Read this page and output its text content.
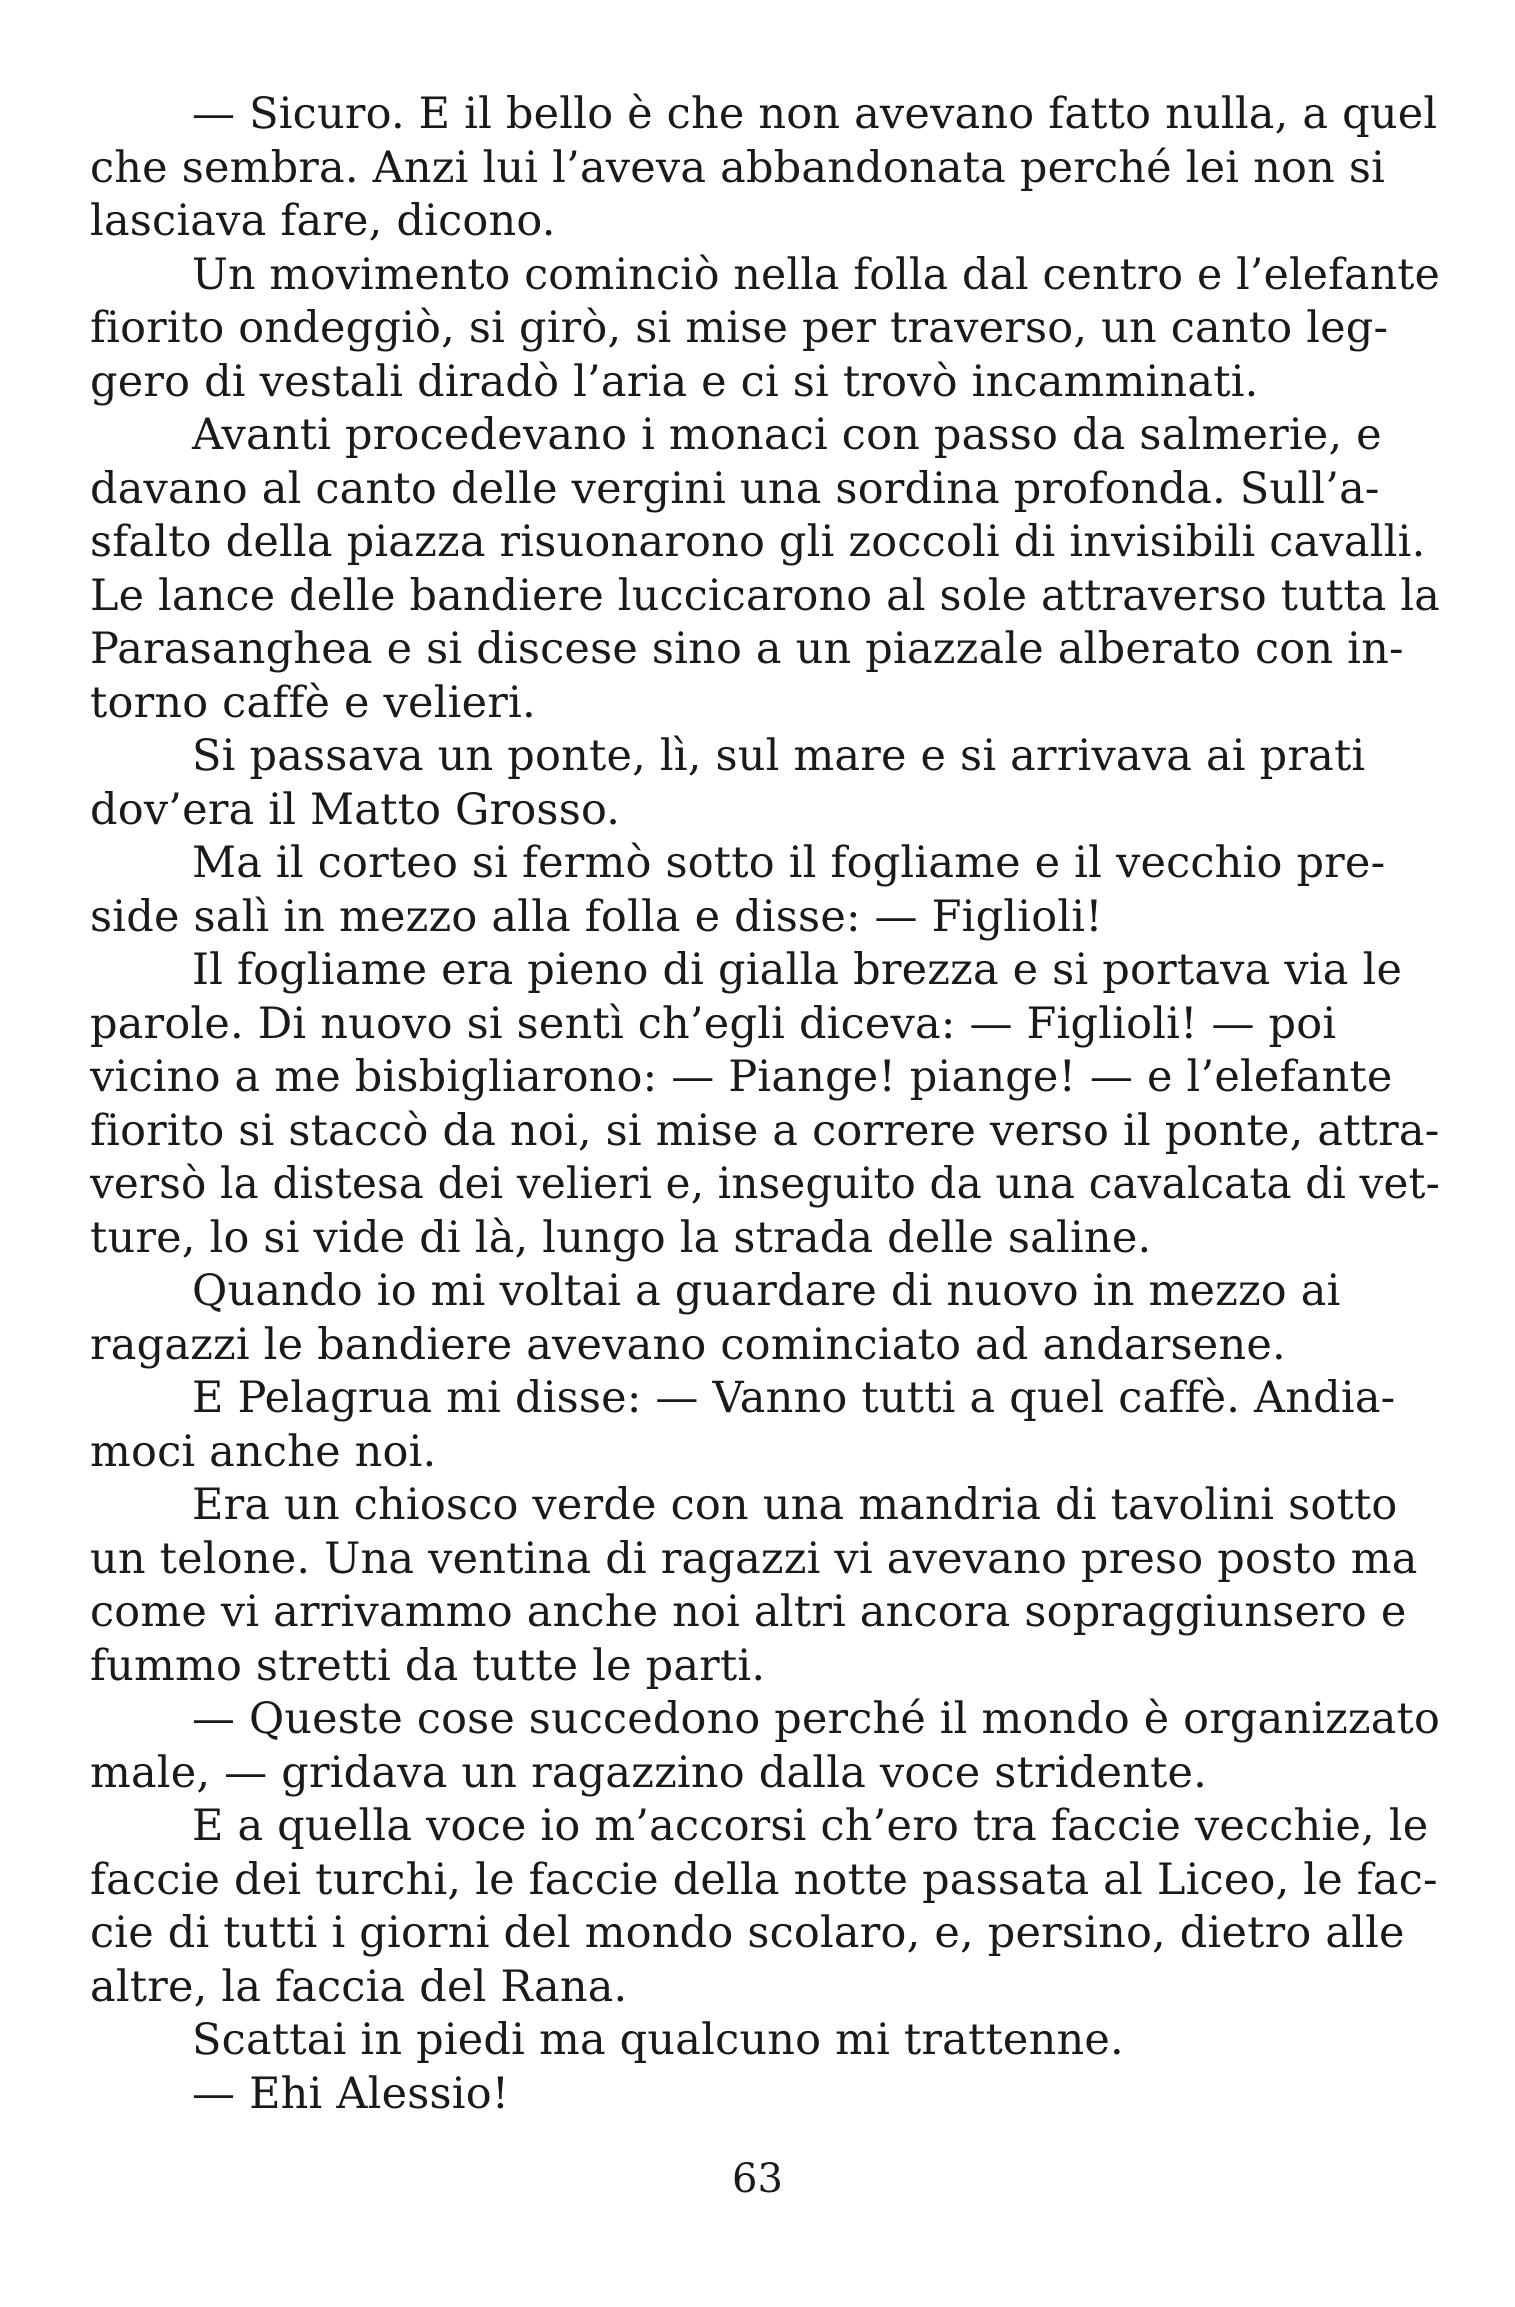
— Sicuro. E il bello è che non avevano fatto nulla, a quel
che sembra. Anzi lui l’aveva abbandonata perché lei non si
lasciava fare, dicono.
Un movimento cominciò nella folla dal centro e l’elefante
fiorito ondeggiò, si girò, si mise per traverso, un canto leg-
gero di vestali diradò l’aria e ci si trovò incamminati.
Avanti procedevano i monaci con passo da salmerie, e
davano al canto delle vergini una sordina profonda. Sull’a-
sfalto della piazza risuonarono gli zoccoli di invisibili cavalli.
Le lance delle bandiere luccicarono al sole attraverso tutta la
Parasanghea e si discese sino a un piazzale alberato con in-
torno caffè e velieri.
Si passava un ponte, lì, sul mare e si arrivava ai prati
dov’era il Matto Grosso.
Ma il corteo si fermò sotto il fogliame e il vecchio pre-
side salì in mezzo alla folla e disse: — Figlioli!
Il fogliame era pieno di gialla brezza e si portava via le
parole. Di nuovo si sentì ch’egli diceva: — Figlioli! — poi
vicino a me bisbigliarono: — Piange! piange! — e l’elefante
fiorito si staccò da noi, si mise a correre verso il ponte, attra-
versò la distesa dei velieri e, inseguito da una cavalcata di vet-
ture, lo si vide di là, lungo la strada delle saline.
Quando io mi voltai a guardare di nuovo in mezzo ai
ragazzi le bandiere avevano cominciato ad andarsene.
E Pelagrua mi disse: — Vanno tutti a quel caffè. Andia-
moci anche noi.
Era un chiosco verde con una mandria di tavolini sotto
un telone. Una ventina di ragazzi vi avevano preso posto ma
come vi arrivammo anche noi altri ancora sopraggiunsero e
fummo stretti da tutte le parti.
— Queste cose succedono perché il mondo è organizzato
male, — gridava un ragazzino dalla voce stridente.
E a quella voce io m’accorsi ch’ero tra faccie vecchie, le
faccie dei turchi, le faccie della notte passata al Liceo, le fac-
cie di tutti i giorni del mondo scolaro, e, persino, dietro alle
altre, la faccia del Rana.
Scattai in piedi ma qualcuno mi trattenne.
— Ehi Alessio!
63
